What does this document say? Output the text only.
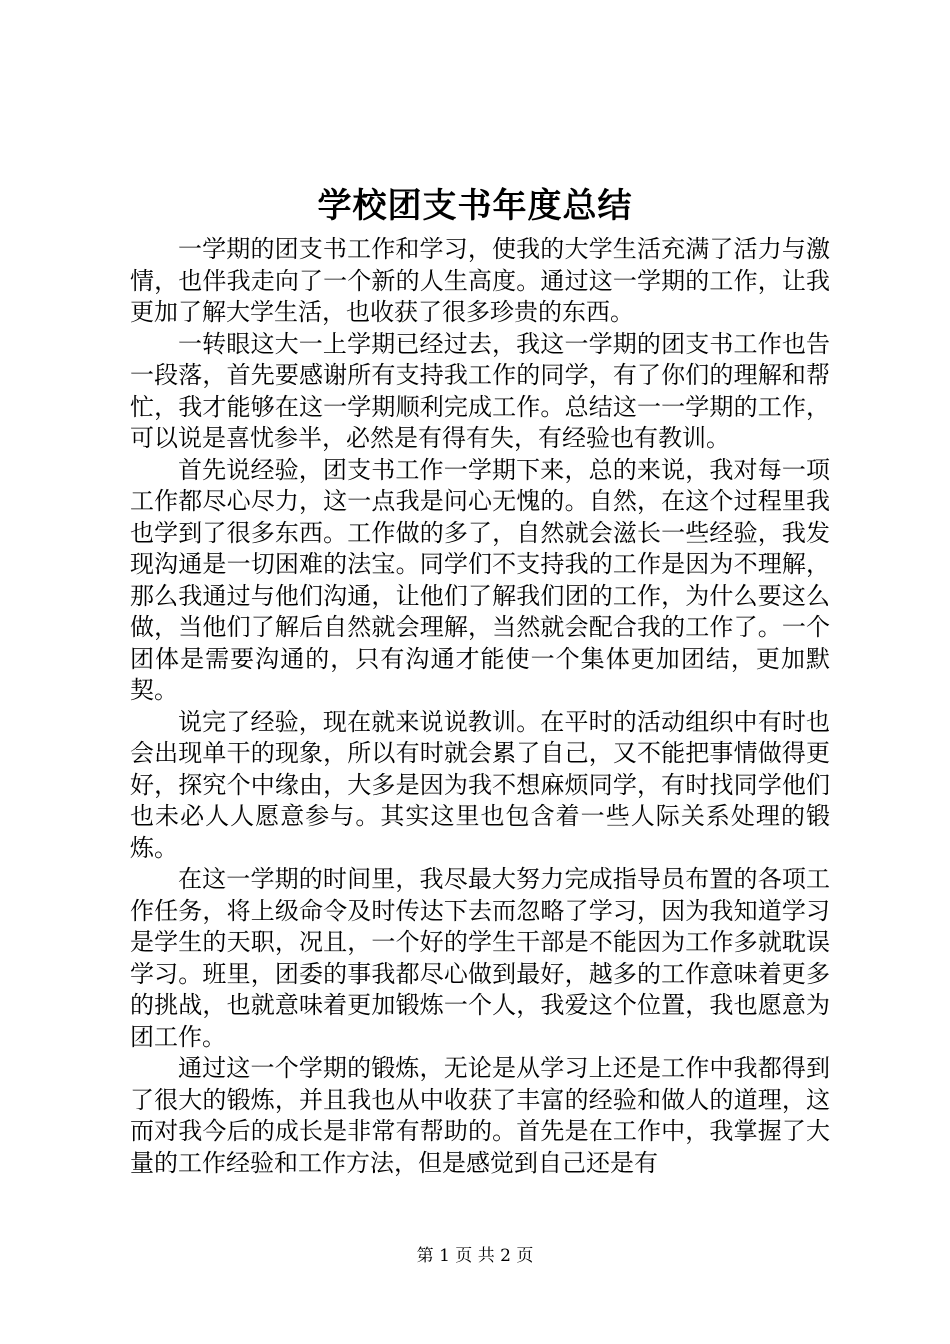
学校团支书年度总结

一学期的团支书工作和学习，使我的大学生活充满了活力与激情，也伴我走向了一个新的人生高度。通过这一学期的工作，让我更加了解大学生活，也收获了很多珍贵的东西。

一转眼这大一上学期已经过去，我这一学期的团支书工作也告一段落，首先要感谢所有支持我工作的同学，有了你们的理解和帮忙，我才能够在这一学期顺利完成工作。总结这一一学期的工作，可以说是喜忧参半，必然是有得有失，有经验也有教训。

首先说经验，团支书工作一学期下来，总的来说，我对每一项工作都尽心尽力，这一点我是问心无愧的。自然，在这个过程里我也学到了很多东西。工作做的多了，自然就会滋长一些经验，我发现沟通是一切困难的法宝。同学们不支持我的工作是因为不理解，那么我通过与他们沟通，让他们了解我们团的工作，为什么要这么做，当他们了解后自然就会理解，当然就会配合我的工作了。一个团体是需要沟通的，只有沟通才能使一个集体更加团结，更加默契。

说完了经验，现在就来说说教训。在平时的活动组织中有时也会出现单干的现象，所以有时就会累了自己，又不能把事情做得更好，探究个中缘由，大多是因为我不想麻烦同学，有时找同学他们也未必人人愿意参与。其实这里也包含着一些人际关系处理的锻炼。

在这一学期的时间里，我尽最大努力完成指导员布置的各项工作任务，将上级命令及时传达下去而忽略了学习，因为我知道学习是学生的天职，况且，一个好的学生干部是不能因为工作多就耽误学习。班里，团委的事我都尽心做到最好，越多的工作意味着更多的挑战，也就意味着更加锻炼一个人，我爱这个位置，我也愿意为团工作。

通过这一个学期的锻炼，无论是从学习上还是工作中我都得到了很大的锻炼，并且我也从中收获了丰富的经验和做人的道理，这而对我今后的成长是非常有帮助的。首先是在工作中，我掌握了大量的工作经验和工作方法，但是感觉到自己还是有

第 1 页 共 2 页
